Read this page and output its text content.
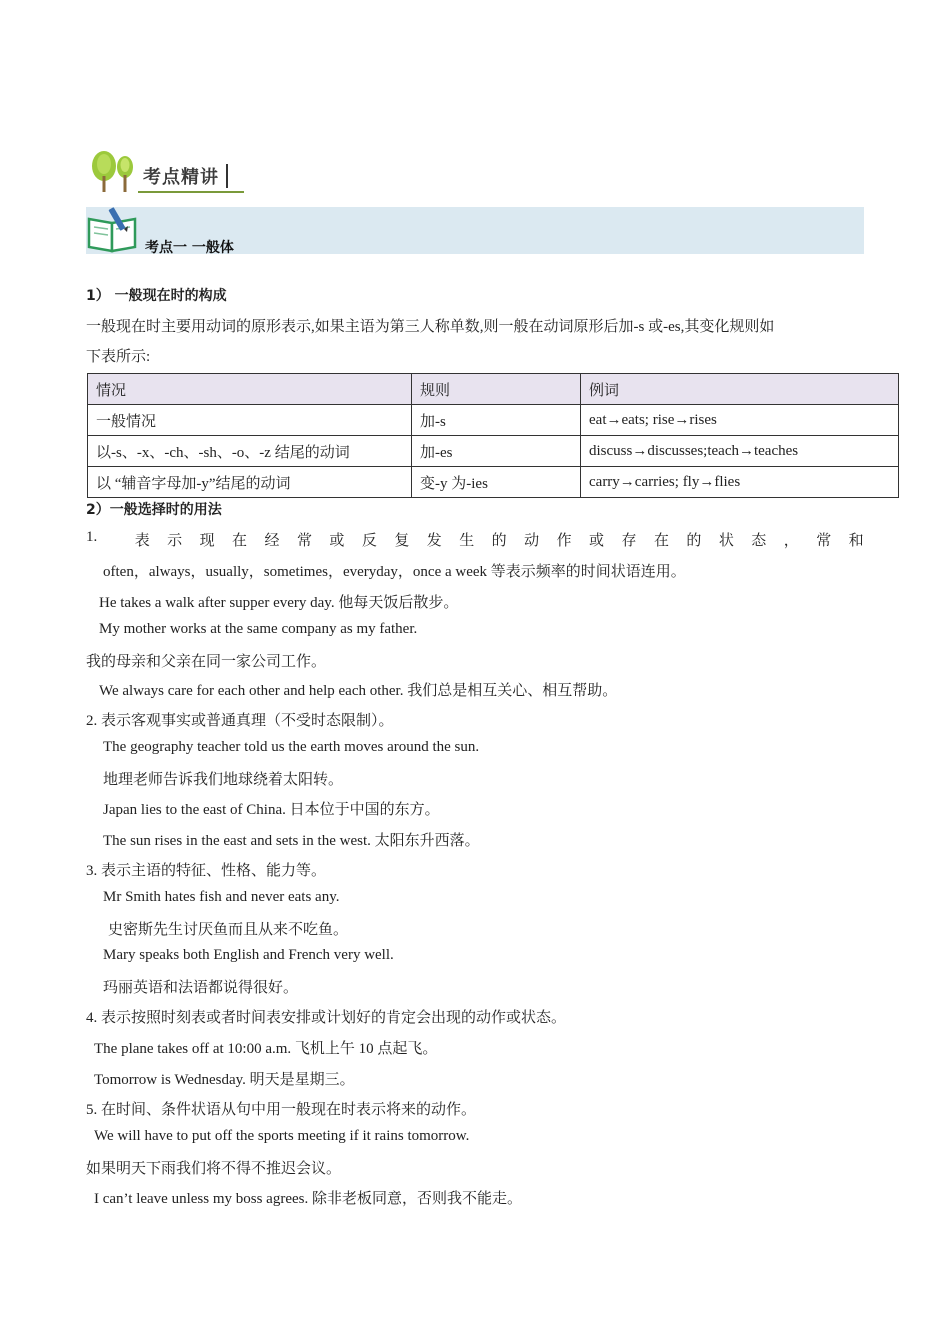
考点精讲
考点一 一般体
1） 一般现在时的构成
一般现在时主要用动词的原形表示,如果主语为第三人称单数,则一般在动词原形后加-s 或-es,其变化规则如
下表所示:
情况	规则	例词
一般情况	加-s	eat→eats; rise→rises
以-s、-x、-ch、-sh、-o、-z 结尾的动词	加-es	discuss→discusses;teach→teaches
以 “辅音字母加-y”结尾的动词	变-y 为-ies	carry→carries; fly→flies
2）一般选择时的用法
1. 表 示 现 在 经 常 或 反 复 发 生 的 动 作 或 存 在 的 状 态 ， 常 和
often，always，usually，sometimes，everyday，once a week 等表示频率的时间状语连用。
He takes a walk after supper every day. 他每天饭后散步。
My mother works at the same company as my father.
我的母亲和父亲在同一家公司工作。
We always care for each other and help each other. 我们总是相互关心、相互帮助。
2. 表示客观事实或普通真理（不受时态限制）。
The geography teacher told us the earth moves around the sun.
地理老师告诉我们地球绕着太阳转。
Japan lies to the east of China. 日本位于中国的东方。
The sun rises in the east and sets in the west. 太阳东升西落。
3. 表示主语的特征、性格、能力等。
Mr Smith hates fish and never eats any.
史密斯先生讨厌鱼而且从来不吃鱼。
Mary speaks both English and French very well.
玛丽英语和法语都说得很好。
4. 表示按照时刻表或者时间表安排或计划好的肯定会出现的动作或状态。
The plane takes off at 10:00 a.m. 飞机上午 10 点起飞。
Tomorrow is Wednesday. 明天是星期三。
5. 在时间、条件状语从句中用一般现在时表示将来的动作。
We will have to put off the sports meeting if it rains tomorrow.
如果明天下雨我们将不得不推迟会议。
I can’t leave unless my boss agrees. 除非老板同意，否则我不能走。
